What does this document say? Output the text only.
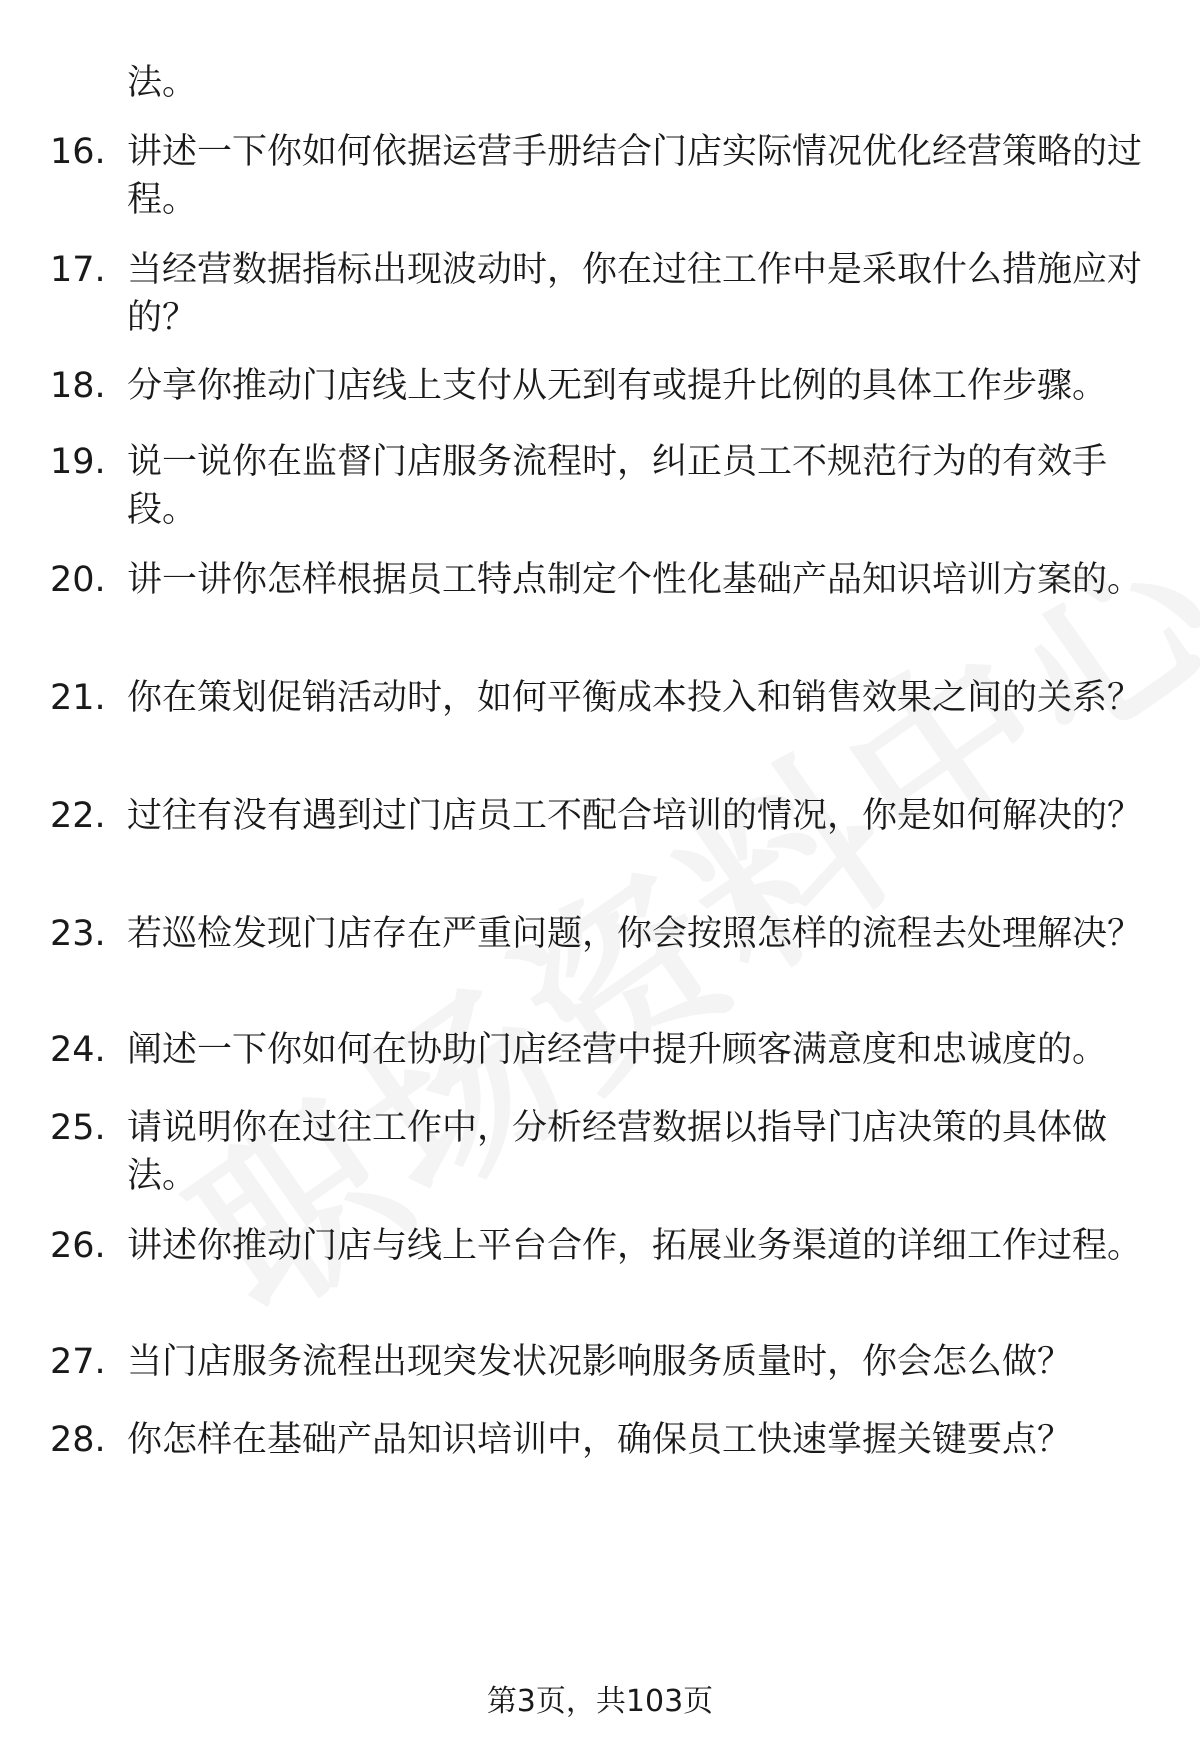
法。
16. 讲述一下你如何依据运营手册结合门店实际情况优化经营策略的过程。
17. 当经营数据指标出现波动时，你在过往工作中是采取什么措施应对的？
18. 分享你推动门店线上支付从无到有或提升比例的具体工作步骤。
19. 说一说你在监督门店服务流程时，纠正员工不规范行为的有效手段。
20. 讲一讲你怎样根据员工特点制定个性化基础产品知识培训方案的。
21. 你在策划促销活动时，如何平衡成本投入和销售效果之间的关系？
22. 过往有没有遇到过门店员工不配合培训的情况，你是如何解决的？
23. 若巡检发现门店存在严重问题，你会按照怎样的流程去处理解决？
24. 阐述一下你如何在协助门店经营中提升顾客满意度和忠诚度的。
25. 请说明你在过往工作中，分析经营数据以指导门店决策的具体做法。
26. 讲述你推动门店与线上平台合作，拓展业务渠道的详细工作过程。
27. 当门店服务流程出现突发状况影响服务质量时，你会怎么做？
28. 你怎样在基础产品知识培训中，确保员工快速掌握关键要点？
第3页，共103页
